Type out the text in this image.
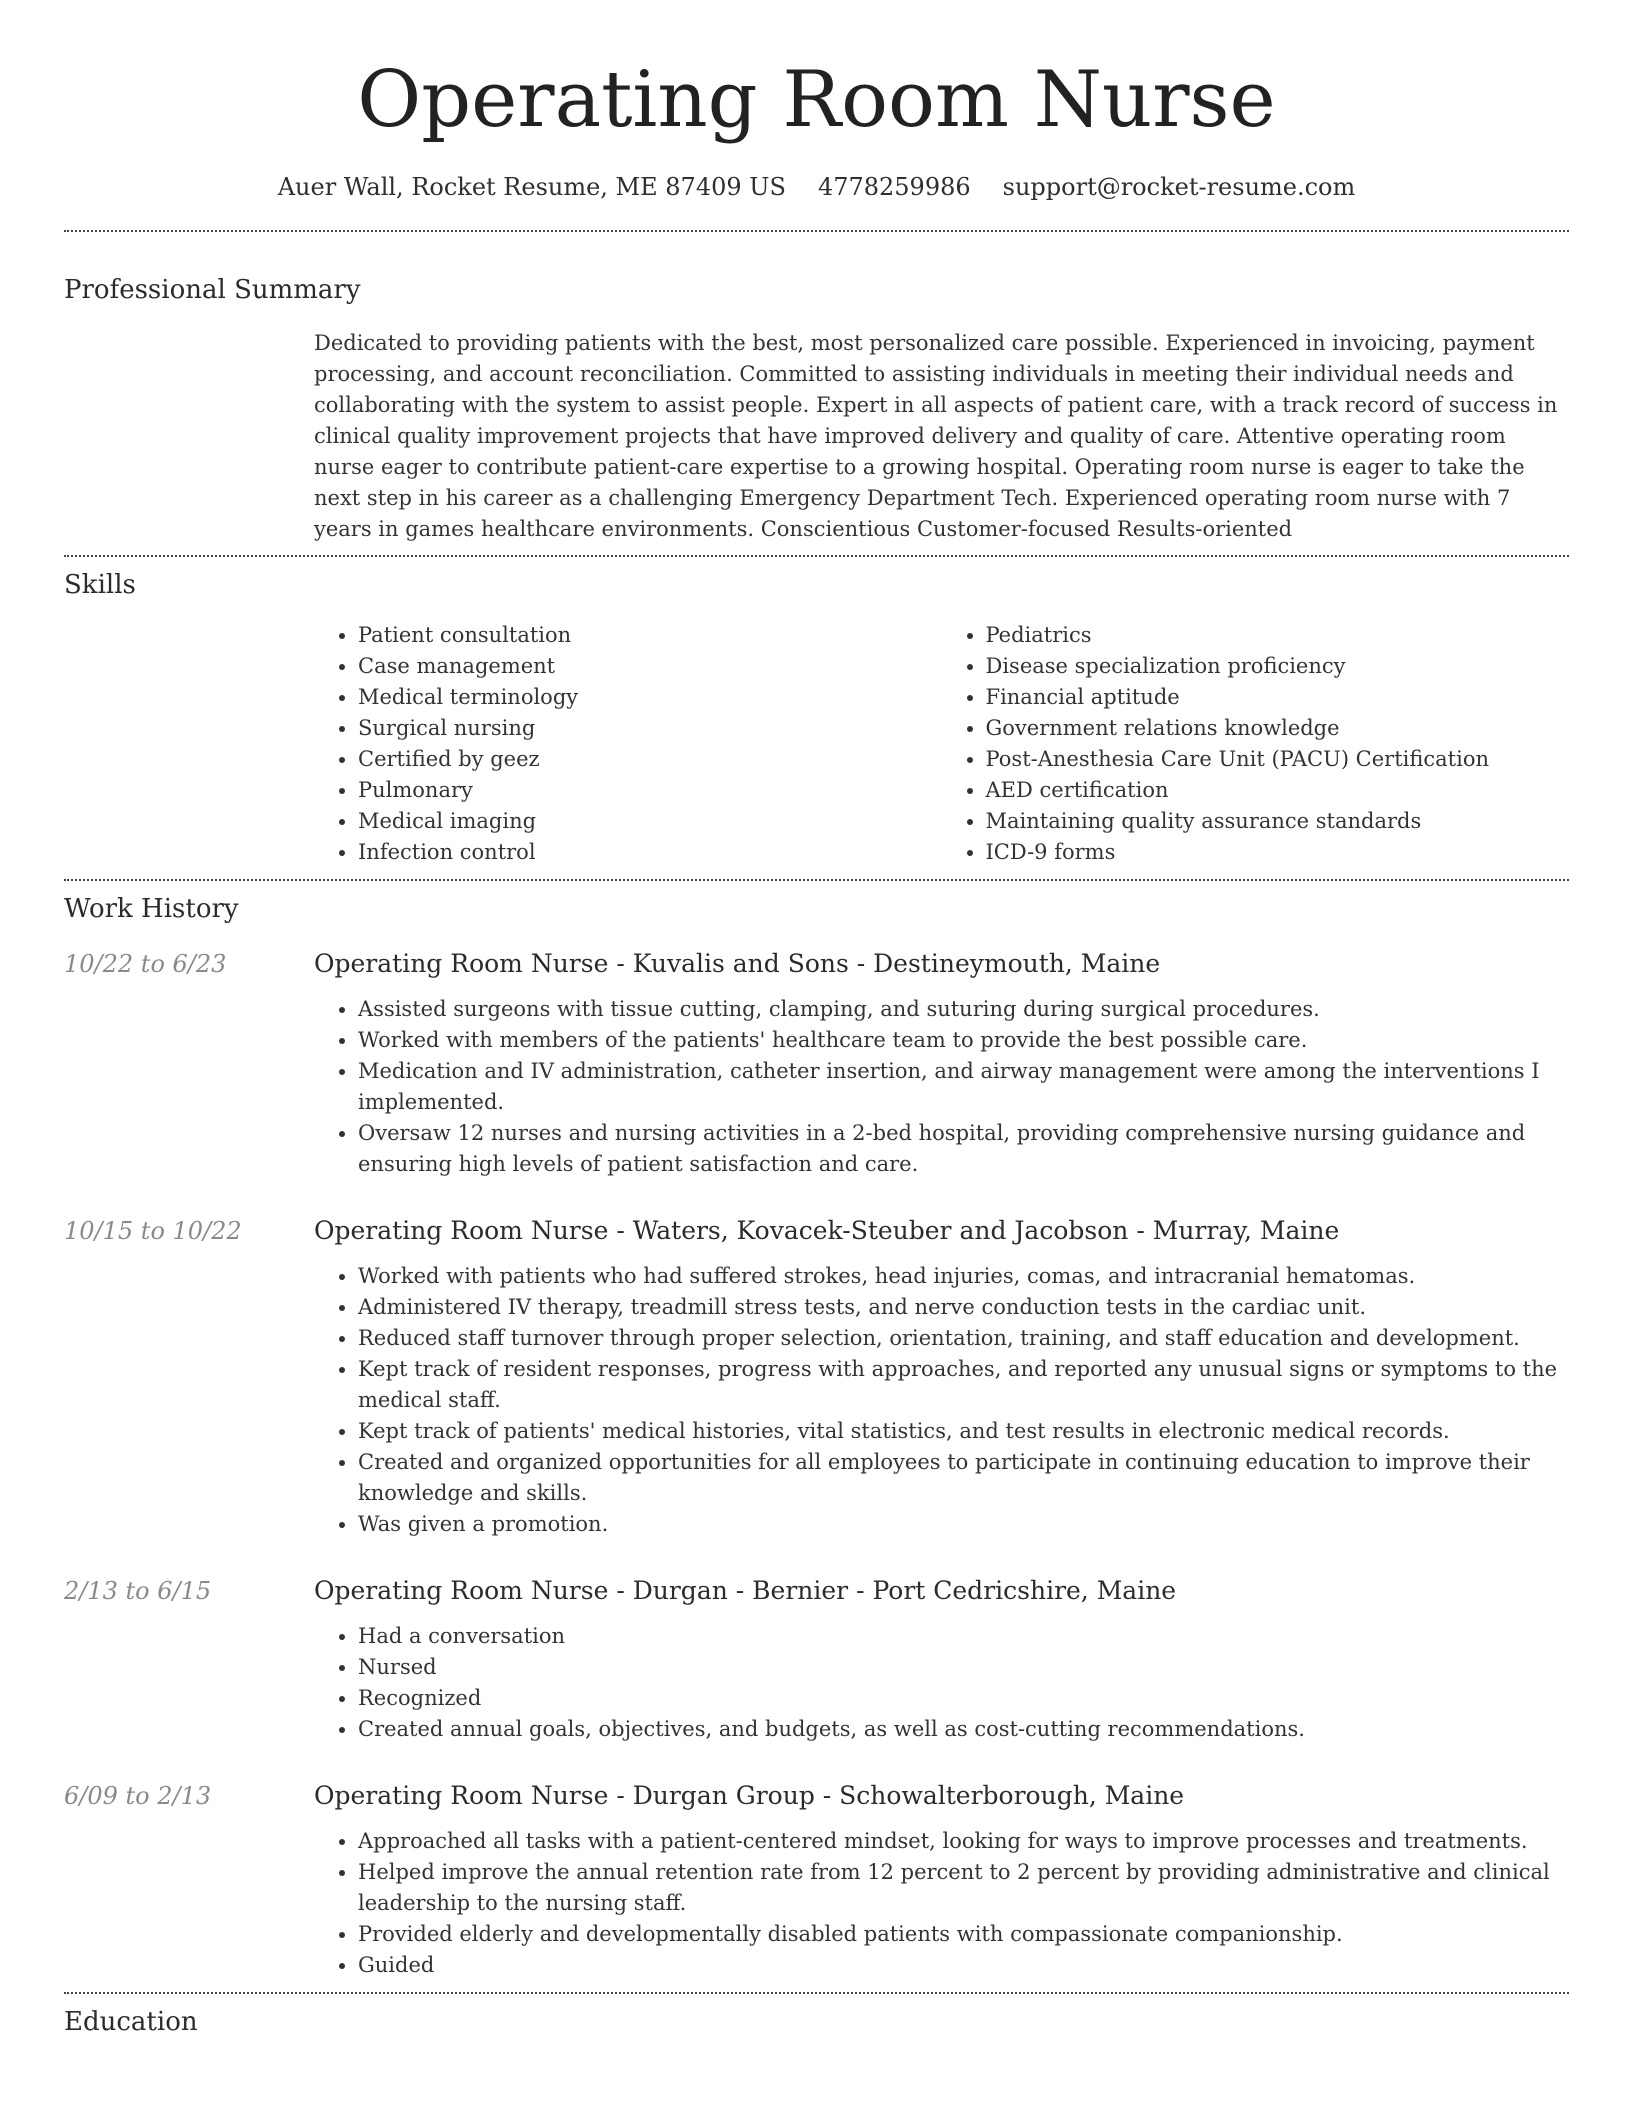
Operating Room Nurse
Auer Wall, Rocket Resume, ME 87409 US 4778259986 support@rocket-resume.com
Professional Summary
Dedicated to providing patients with the best, most personalized care possible. Experienced in invoicing, payment processing, and account reconciliation. Committed to assisting individuals in meeting their individual needs and collaborating with the system to assist people. Expert in all aspects of patient care, with a track record of success in clinical quality improvement projects that have improved delivery and quality of care. Attentive operating room nurse eager to contribute patient-care expertise to a growing hospital. Operating room nurse is eager to take the next step in his career as a challenging Emergency Department Tech. Experienced operating room nurse with 7 years in games healthcare environments. Conscientious Customer-focused Results-oriented
Skills
• Patient consultation
• Case management
• Medical terminology
• Surgical nursing
• Certified by geez
• Pulmonary
• Medical imaging
• Infection control
• Pediatrics
• Disease specialization proficiency
• Financial aptitude
• Government relations knowledge
• Post-Anesthesia Care Unit (PACU) Certification
• AED certification
• Maintaining quality assurance standards
• ICD-9 forms
Work History
10/22 to 6/23	Operating Room Nurse - Kuvalis and Sons - Destineymouth, Maine
• Assisted surgeons with tissue cutting, clamping, and suturing during surgical procedures.
• Worked with members of the patients' healthcare team to provide the best possible care.
• Medication and IV administration, catheter insertion, and airway management were among the interventions I implemented.
• Oversaw 12 nurses and nursing activities in a 2-bed hospital, providing comprehensive nursing guidance and ensuring high levels of patient satisfaction and care.
10/15 to 10/22	Operating Room Nurse - Waters, Kovacek-Steuber and Jacobson - Murray, Maine
• Worked with patients who had suffered strokes, head injuries, comas, and intracranial hematomas.
• Administered IV therapy, treadmill stress tests, and nerve conduction tests in the cardiac unit.
• Reduced staff turnover through proper selection, orientation, training, and staff education and development.
• Kept track of resident responses, progress with approaches, and reported any unusual signs or symptoms to the medical staff.
• Kept track of patients' medical histories, vital statistics, and test results in electronic medical records.
• Created and organized opportunities for all employees to participate in continuing education to improve their knowledge and skills.
• Was given a promotion.
2/13 to 6/15	Operating Room Nurse - Durgan - Bernier - Port Cedricshire, Maine
• Had a conversation
• Nursed
• Recognized
• Created annual goals, objectives, and budgets, as well as cost-cutting recommendations.
6/09 to 2/13	Operating Room Nurse - Durgan Group - Schowalterborough, Maine
• Approached all tasks with a patient-centered mindset, looking for ways to improve processes and treatments.
• Helped improve the annual retention rate from 12 percent to 2 percent by providing administrative and clinical leadership to the nursing staff.
• Provided elderly and developmentally disabled patients with compassionate companionship.
• Guided
Education
